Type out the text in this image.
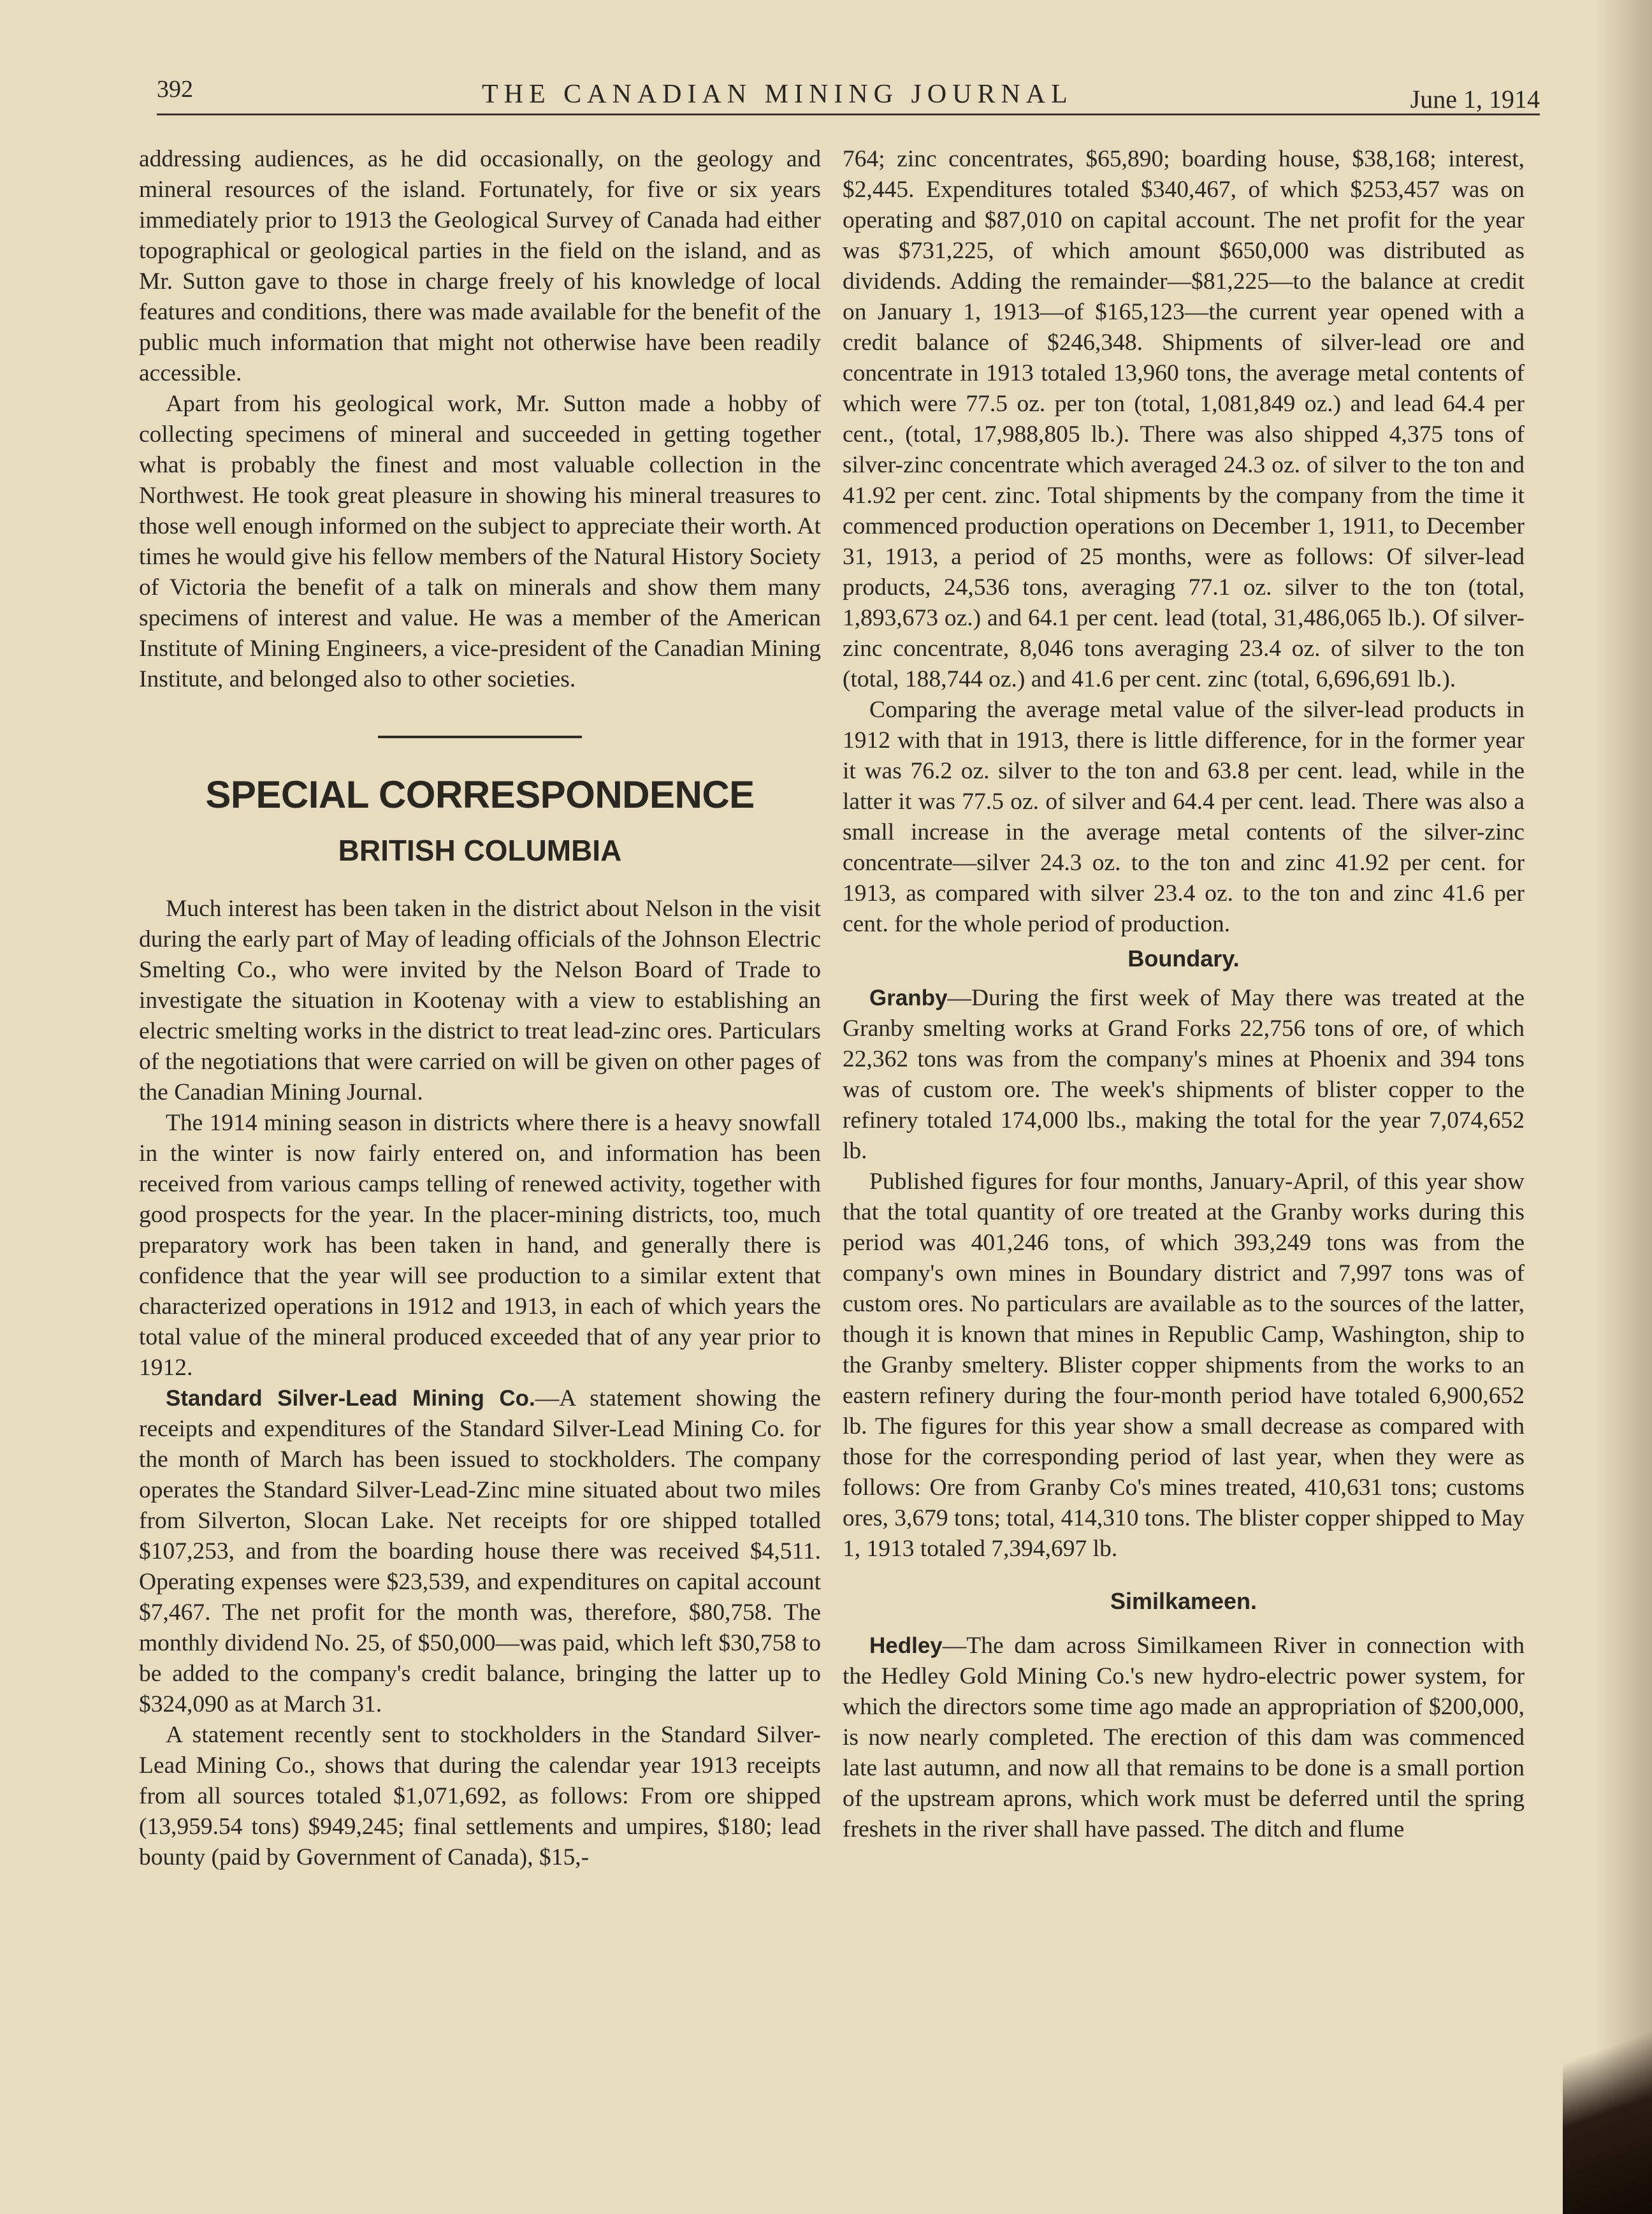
392	THE CANADIAN MINING JOURNAL	June 1, 1914

addressing audiences, as he did occasionally, on the geology and mineral resources of the island. Fortunately, for five or six years immediately prior to 1913 the Geological Survey of Canada had either topographical or geological parties in the field on the island, and as Mr. Sutton gave to those in charge freely of his knowledge of local features and conditions, there was made available for the benefit of the public much information that might not otherwise have been readily accessible.

Apart from his geological work, Mr. Sutton made a hobby of collecting specimens of mineral and succeeded in getting together what is probably the finest and most valuable collection in the Northwest. He took great pleasure in showing his mineral treasures to those well enough informed on the subject to appreciate their worth. At times he would give his fellow members of the Natural History Society of Victoria the benefit of a talk on minerals and show them many specimens of interest and value. He was a member of the American Institute of Mining Engineers, a vice-president of the Canadian Mining Institute, and belonged also to other societies.

SPECIAL CORRESPONDENCE
BRITISH COLUMBIA

Much interest has been taken in the district about Nelson in the visit during the early part of May of leading officials of the Johnson Electric Smelting Co., who were invited by the Nelson Board of Trade to investigate the situation in Kootenay with a view to establishing an electric smelting works in the district to treat lead-zinc ores. Particulars of the negotiations that were carried on will be given on other pages of the Canadian Mining Journal.

The 1914 mining season in districts where there is a heavy snowfall in the winter is now fairly entered on, and information has been received from various camps telling of renewed activity, together with good prospects for the year. In the placer-mining districts, too, much preparatory work has been taken in hand, and generally there is confidence that the year will see production to a similar extent that characterized operations in 1912 and 1913, in each of which years the total value of the mineral produced exceeded that of any year prior to 1912.

Standard Silver-Lead Mining Co.—A statement showing the receipts and expenditures of the Standard Silver-Lead Mining Co. for the month of March has been issued to stockholders. The company operates the Standard Silver-Lead-Zinc mine situated about two miles from Silverton, Slocan Lake. Net receipts for ore shipped totalled $107,253, and from the boarding house there was received $4,511. Operating expenses were $23,539, and expenditures on capital account $7,467. The net profit for the month was, therefore, $80,758. The monthly dividend No. 25, of $50,000—was paid, which left $30,758 to be added to the company's credit balance, bringing the latter up to $324,090 as at March 31.

A statement recently sent to stockholders in the Standard Silver-Lead Mining Co., shows that during the calendar year 1913 receipts from all sources totaled $1,071,692, as follows: From ore shipped (13,959.54 tons) $949,245; final settlements and umpires, $180; lead bounty (paid by Government of Canada), $15,-

764; zinc concentrates, $65,890; boarding house, $38,168; interest, $2,445. Expenditures totaled $340,467, of which $253,457 was on operating and $87,010 on capital account. The net profit for the year was $731,225, of which amount $650,000 was distributed as dividends. Adding the remainder—$81,225—to the balance at credit on January 1, 1913—of $165,123—the current year opened with a credit balance of $246,348. Shipments of silver-lead ore and concentrate in 1913 totaled 13,960 tons, the average metal contents of which were 77.5 oz. per ton (total, 1,081,849 oz.) and lead 64.4 per cent., (total, 17,988,805 lb.). There was also shipped 4,375 tons of silver-zinc concentrate which averaged 24.3 oz. of silver to the ton and 41.92 per cent. zinc. Total shipments by the company from the time it commenced production operations on December 1, 1911, to December 31, 1913, a period of 25 months, were as follows: Of silver-lead products, 24,536 tons, averaging 77.1 oz. silver to the ton (total, 1,893,673 oz.) and 64.1 per cent. lead (total, 31,486,065 lb.). Of silver-zinc concentrate, 8,046 tons averaging 23.4 oz. of silver to the ton (total, 188,744 oz.) and 41.6 per cent. zinc (total, 6,696,691 lb.).

Comparing the average metal value of the silver-lead products in 1912 with that in 1913, there is little difference, for in the former year it was 76.2 oz. silver to the ton and 63.8 per cent. lead, while in the latter it was 77.5 oz. of silver and 64.4 per cent. lead. There was also a small increase in the average metal contents of the silver-zinc concentrate—silver 24.3 oz. to the ton and zinc 41.92 per cent. for 1913, as compared with silver 23.4 oz. to the ton and zinc 41.6 per cent. for the whole period of production.

Boundary.

Granby—During the first week of May there was treated at the Granby smelting works at Grand Forks 22,756 tons of ore, of which 22,362 tons was from the company's mines at Phoenix and 394 tons was of custom ore. The week's shipments of blister copper to the refinery totaled 174,000 lbs., making the total for the year 7,074,652 lb.

Published figures for four months, January-April, of this year show that the total quantity of ore treated at the Granby works during this period was 401,246 tons, of which 393,249 tons was from the company's own mines in Boundary district and 7,997 tons was of custom ores. No particulars are available as to the sources of the latter, though it is known that mines in Republic Camp, Washington, ship to the Granby smeltery. Blister copper shipments from the works to an eastern refinery during the four-month period have totaled 6,900,652 lb. The figures for this year show a small decrease as compared with those for the corresponding period of last year, when they were as follows: Ore from Granby Co's mines treated, 410,631 tons; customs ores, 3,679 tons; total, 414,310 tons. The blister copper shipped to May 1, 1913 totaled 7,394,697 lb.

Similkameen.

Hedley—The dam across Similkameen River in connection with the Hedley Gold Mining Co.'s new hydro-electric power system, for which the directors some time ago made an appropriation of $200,000, is now nearly completed. The erection of this dam was commenced late last autumn, and now all that remains to be done is a small portion of the upstream aprons, which work must be deferred until the spring freshets in the river shall have passed. The ditch and flume
